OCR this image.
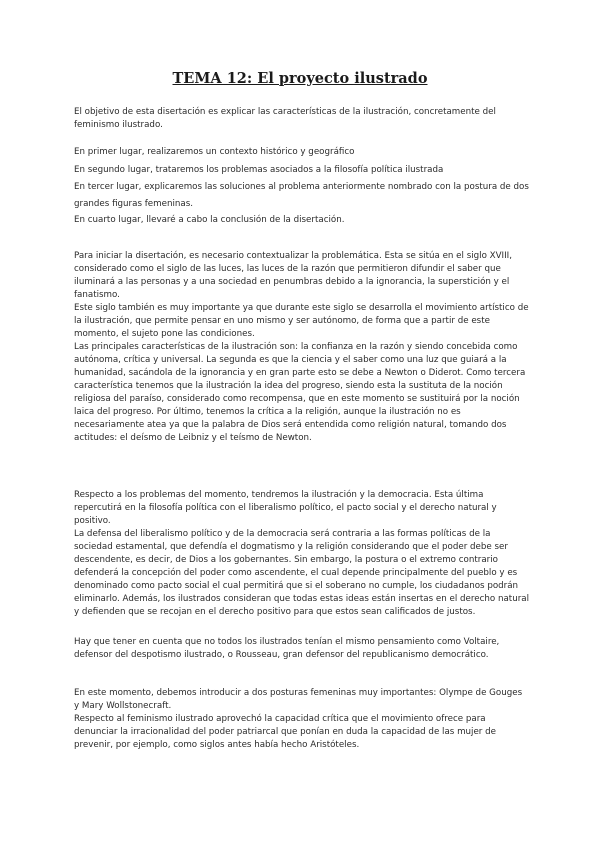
TEMA 12: El proyecto ilustrado

El objetivo de esta disertación es explicar las características de la ilustración, concretamente del feminismo ilustrado.

En primer lugar, realizaremos un contexto histórico y geográfico

En segundo lugar, trataremos los problemas asociados a la filosofía política ilustrada

En tercer lugar, explicaremos las soluciones al problema anteriormente nombrado con la postura de dos grandes figuras femeninas.

En cuarto lugar, llevaré a cabo la conclusión de la disertación.

Para iniciar la disertación, es necesario contextualizar la problemática. Esta se sitúa en el siglo XVIII, considerado como el siglo de las luces, las luces de la razón que permitieron difundir el saber que iluminará a las personas y a una sociedad en penumbras debido a la ignorancia, la superstición y el fanatismo.

Este siglo también es muy importante ya que durante este siglo se desarrolla el movimiento artístico de la ilustración, que permite pensar en uno mismo y ser autónomo, de forma que a partir de este momento, el sujeto pone las condiciones.

Las principales características de la ilustración son: la confianza en la razón y siendo concebida como autónoma, crítica y universal. La segunda es que la ciencia y el saber como una luz que guiará a la humanidad, sacándola de la ignorancia y en gran parte esto se debe a Newton o Diderot. Como tercera característica tenemos que la ilustración la idea del progreso, siendo esta la sustituta de la noción religiosa del paraíso, considerado como recompensa, que en este momento se sustituirá por la noción laica del progreso. Por último, tenemos la crítica a la religión, aunque la ilustración no es necesariamente atea ya que la palabra de Dios será entendida como religión natural, tomando dos actitudes: el deísmo de Leibniz y el teísmo de Newton.

Respecto a los problemas del momento, tendremos la ilustración y la democracia. Esta última repercutirá en la filosofía política con el liberalismo político, el pacto social y el derecho natural y positivo.

La defensa del liberalismo político y de la democracia será contraria a las formas políticas de la sociedad estamental, que defendía el dogmatismo y la religión considerando que el poder debe ser descendente, es decir, de Dios a los gobernantes. Sin embargo, la postura o el extremo contrario defenderá la concepción del poder como ascendente, el cual depende principalmente del pueblo y es denominado como pacto social el cual permitirá que si el soberano no cumple, los ciudadanos podrán eliminarlo. Además, los ilustrados consideran que todas estas ideas están insertas en el derecho natural y defienden que se recojan en el derecho positivo para que estos sean calificados de justos.

Hay que tener en cuenta que no todos los ilustrados tenían el mismo pensamiento como Voltaire, defensor del despotismo ilustrado, o Rousseau, gran defensor del republicanismo democrático.

En este momento, debemos introducir a dos posturas femeninas muy importantes: Olympe de Gouges y Mary Wollstonecraft.

Respecto al feminismo ilustrado aprovechó la capacidad crítica que el movimiento ofrece para denunciar la irracionalidad del poder patriarcal que ponían en duda la capacidad de las mujer de prevenir, por ejemplo, como siglos antes había hecho Aristóteles.
